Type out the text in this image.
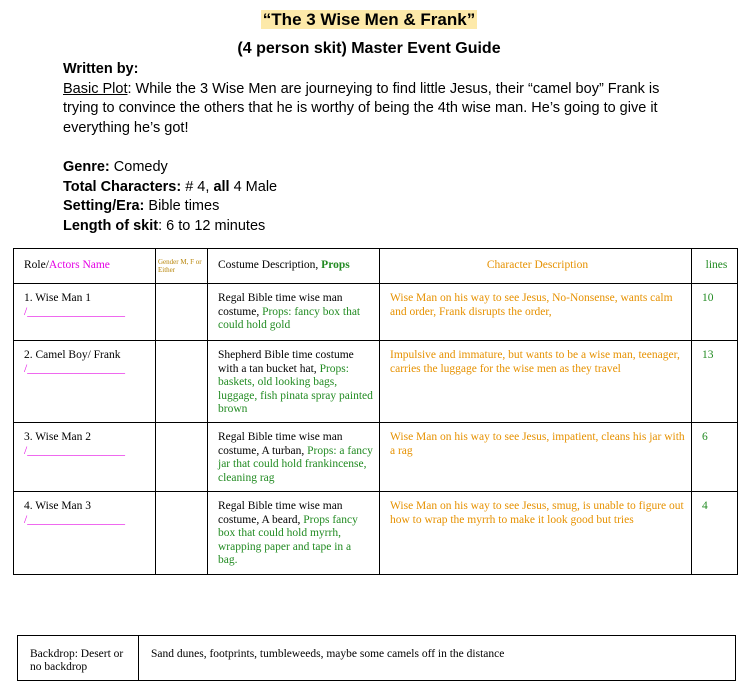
“The 3 Wise Men & Frank”
(4 person skit) Master Event Guide
Written by:
Basic Plot: While the 3 Wise Men are journeying to find little Jesus, their “camel boy” Frank is trying to convince the others that he is worthy of being the 4th wise man. He’s going to give it everything he’s got!
Genre: Comedy
Total Characters: # 4, all 4 Male
Setting/Era: Bible times
Length of skit: 6 to 12 minutes
Role/Actors Name	Gender M, F or Either	Costume Description, Props	Character Description	lines

1. Wise Man 1
/_________________		Regal Bible time wise man costume, Props: fancy box that could hold gold	Wise Man on his way to see Jesus, No-Nonsense, wants calm and order, Frank disrupts the order,	10

2. Camel Boy/ Frank
/_________________		Shepherd Bible time costume with a tan bucket hat, Props: baskets, old looking bags, luggage, fish pinata spray painted brown	Impulsive and immature, but wants to be a wise man, teenager, carries the luggage for the wise men as they travel	13

3. Wise Man 2
/_________________		Regal Bible time wise man costume, A turban, Props: a fancy jar that could hold frankincense, cleaning rag	Wise Man on his way to see Jesus, impatient, cleans his jar with a rag	6

4. Wise Man 3
/_________________		Regal Bible time wise man costume, A beard, Props fancy box that could hold myrrh, wrapping paper and tape in a bag.	Wise Man on his way to see Jesus, smug, is unable to figure out how to wrap the myrrh to make it look good but tries	4
Backdrop: Desert or no backdrop	Sand dunes, footprints, tumbleweeds, maybe some camels off in the distance
